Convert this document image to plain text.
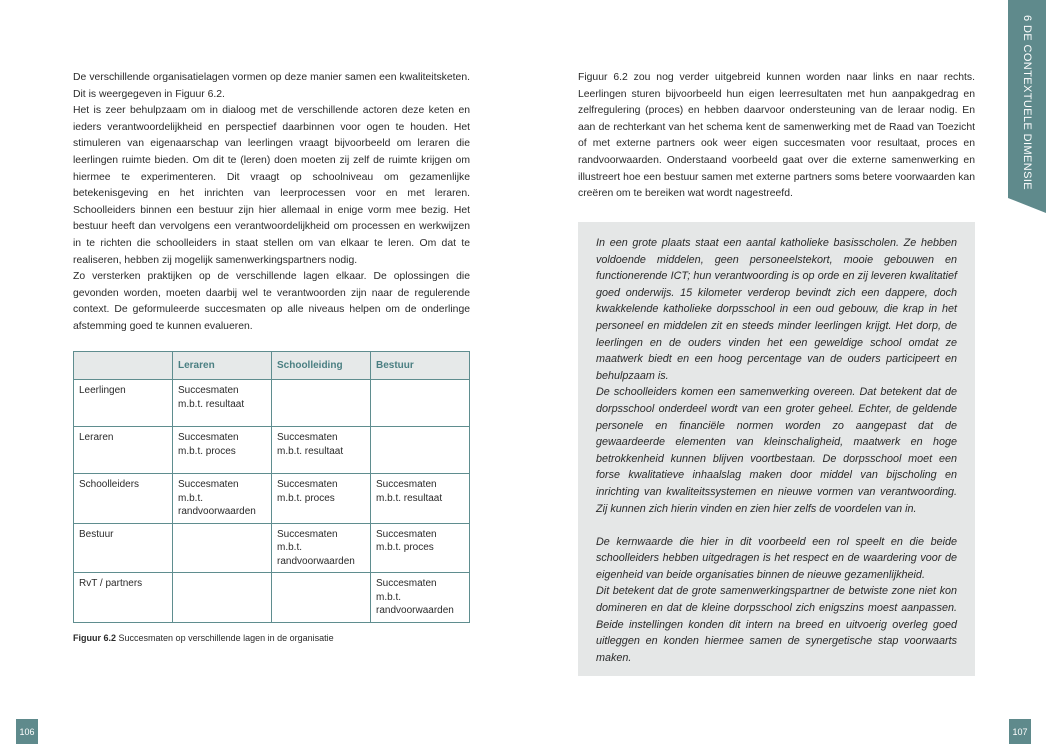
De verschillende organisatielagen vormen op deze manier samen een kwaliteitsketen. Dit is weergegeven in Figuur 6.2.

Het is zeer behulpzaam om in dialoog met de verschillende actoren deze keten en ieders verantwoordelijkheid en perspectief daarbinnen voor ogen te houden. Het stimuleren van eigenaarschap van leerlingen vraagt bijvoorbeeld om leraren die leerlingen ruimte bieden. Om dit te (leren) doen moeten zij zelf de ruimte krijgen om hiermee te experimenteren. Dit vraagt op schoolniveau om gezamenlijke betekenisgeving en het inrichten van leerprocessen voor en met leraren. Schoolleiders binnen een bestuur zijn hier allemaal in enige vorm mee bezig. Het bestuur heeft dan vervolgens een verantwoordelijkheid om processen en werkwijzen in te richten die schoolleiders in staat stellen om van elkaar te leren. Om dat te realiseren, hebben zij mogelijk samenwerkingspartners nodig.

Zo versterken praktijken op de verschillende lagen elkaar. De oplossingen die gevonden worden, moeten daarbij wel te verantwoorden zijn naar de regulerende context. De geformuleerde succesmaten op alle niveaus helpen om de onderlinge afstemming goed te kunnen evalueren.

	Leraren	Schoolleiding	Bestuur
Leerlingen	Succesmaten m.b.t. resultaat		
Leraren	Succesmaten m.b.t. proces	Succesmaten m.b.t. resultaat	
Schoolleiders	Succesmaten m.b.t. randvoorwaarden	Succesmaten m.b.t. proces	Succesmaten m.b.t. resultaat
Bestuur		Succesmaten m.b.t. randvoorwaarden	Succesmaten m.b.t. proces
RvT / partners			Succesmaten m.b.t. randvoorwaarden

Figuur 6.2 Succesmaten op verschillende lagen in de organisatie

106

Figuur 6.2 zou nog verder uitgebreid kunnen worden naar links en naar rechts. Leerlingen sturen bijvoorbeeld hun eigen leerresultaten met hun aanpakgedrag en zelfregulering (proces) en hebben daarvoor ondersteuning van de leraar nodig. En aan de rechterkant van het schema kent de samenwerking met de Raad van Toezicht of met externe partners ook weer eigen succesmaten voor resultaat, proces en randvoorwaarden. Onderstaand voorbeeld gaat over die externe samenwerking en illustreert hoe een bestuur samen met externe partners soms betere voorwaarden kan creëren om te bereiken wat wordt nagestreefd.

In een grote plaats staat een aantal katholieke basisscholen. Ze hebben voldoende middelen, geen personeelstekort, mooie gebouwen en functionerende ICT; hun verantwoording is op orde en zij leveren kwalitatief goed onderwijs. 15 kilometer verderop bevindt zich een dappere, doch kwakkelende katholieke dorpsschool in een oud gebouw, die krap in het personeel en middelen zit en steeds minder leerlingen krijgt. Het dorp, de leerlingen en de ouders vinden het een geweldige school omdat ze maatwerk biedt en een hoog percentage van de ouders participeert en behulpzaam is.

De schoolleiders komen een samenwerking overeen. Dat betekent dat de dorpsschool onderdeel wordt van een groter geheel. Echter, de geldende personele en financiële normen worden zo aangepast dat de gewaardeerde elementen van kleinschaligheid, maatwerk en hoge betrokkenheid kunnen blijven voortbestaan. De dorpsschool moet een forse kwalitatieve inhaalslag maken door middel van bijscholing en inrichting van kwaliteitssystemen en nieuwe vormen van verantwoording. Zij kunnen zich hierin vinden en zien hier zelfs de voordelen van in.

De kernwaarde die hier in dit voorbeeld een rol speelt en die beide schoolleiders hebben uitgedragen is het respect en de waardering voor de eigenheid van beide organisaties binnen de nieuwe gezamenlijkheid.

Dit betekent dat de grote samenwerkingspartner de betwiste zone niet kon domineren en dat de kleine dorpsschool zich enigszins moest aanpassen. Beide instellingen konden dit intern na breed en uitvoerig overleg goed uitleggen en konden hiermee samen de synergetische stap voorwaarts maken.

6 DE CONTEXTUELE DIMENSIE
107
